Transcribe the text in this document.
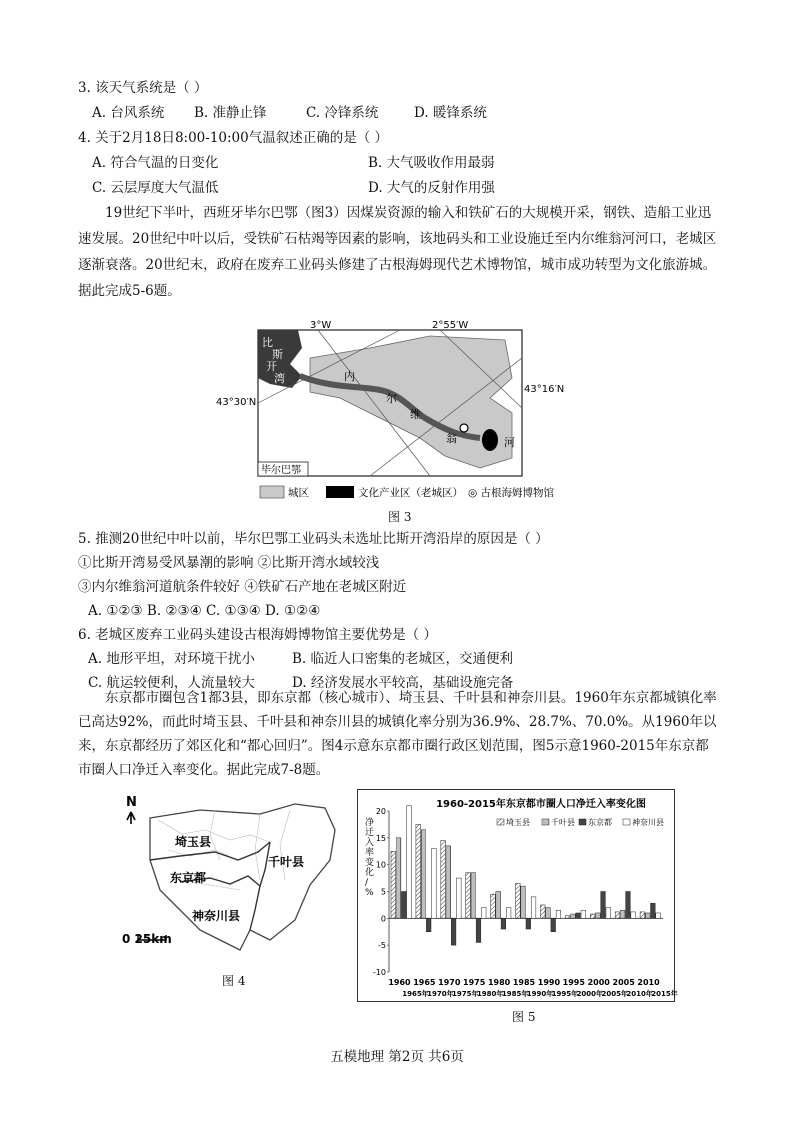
3. 该天气系统是（ ）
A. 台风系统 B. 准静止锋	C. 冷锋系统	D. 暖锋系统
4. 关于2月18日8:00-10:00气温叙述正确的是（ ）
A. 符合气温的日变化	B. 大气吸收作用最弱
C. 云层厚度大气温低	D. 大气的反射作用强
19世纪下半叶，西班牙毕尔巴鄂（图3）因煤炭资源的输入和铁矿石的大规模开采，钢铁、造船工业迅速发展。20世纪中叶以后，受铁矿石枯竭等因素的影响，该地码头和工业设施迁至内尔维翁河河口，老城区逐渐衰落。20世纪末，政府在废弃工业码头修建了古根海姆现代艺术博物馆，城市成功转型为文化旅游城。据此完成5-6题。
3°W	2°55′W
43°30′N
43°16′N
比
斯
开
湾	内
尔
维
翁	河
毕尔巴鄂
城区	文化产业区（老城区） ◎ 古根海姆博物馆
图 3
5. 推测20世纪中叶以前，毕尔巴鄂工业码头未选址比斯开湾沿岸的原因是（ ）
①比斯开湾易受风暴潮的影响 ②比斯开湾水域较浅
③内尔维翁河道航条件较好 ④铁矿石产地在老城区附近
A. ①②③ B. ②③④ C. ①③④ D. ①②④
6. 老城区废弃工业码头建设古根海姆博物馆主要优势是（ ）
A. 地形平坦，对环境干扰小	B. 临近人口密集的老城区，交通便利
C. 航运较便利，人流量较大	D. 经济发展水平较高，基础设施完备
东京都市圈包含1都3县，即东京都（核心城市）、埼玉县、千叶县和神奈川县。1960年东京都城镇化率已高达92%，而此时埼玉县、千叶县和神奈川县的城镇化率分别为36.9%、28.7%、70.0%。从1960年以来，东京都经历了郊区化和“都心回归”。图4示意东京都市圈行政区划范围，图5示意1960-2015年东京都市圈人口净迁入率变化。据此完成7-8题。
N
埼玉县
东京都
千叶县
神奈川县
0 25km
图 4
1960-2015年东京都市圈人口净迁入率变化图
净
迁
入
率
变
化
/
%
20
15
10
5
0
-5
-10
埼玉县	千叶县 东京都	神奈川县
1960
1965年
1965
1970年
1970
1975年
1975
1980年
1980
1985年
1985
1990年
1990
1995年
1995
2000年
2000
2005年
2005
2010年
2010
2015年
图 5
五模地理 第2页 共6页
